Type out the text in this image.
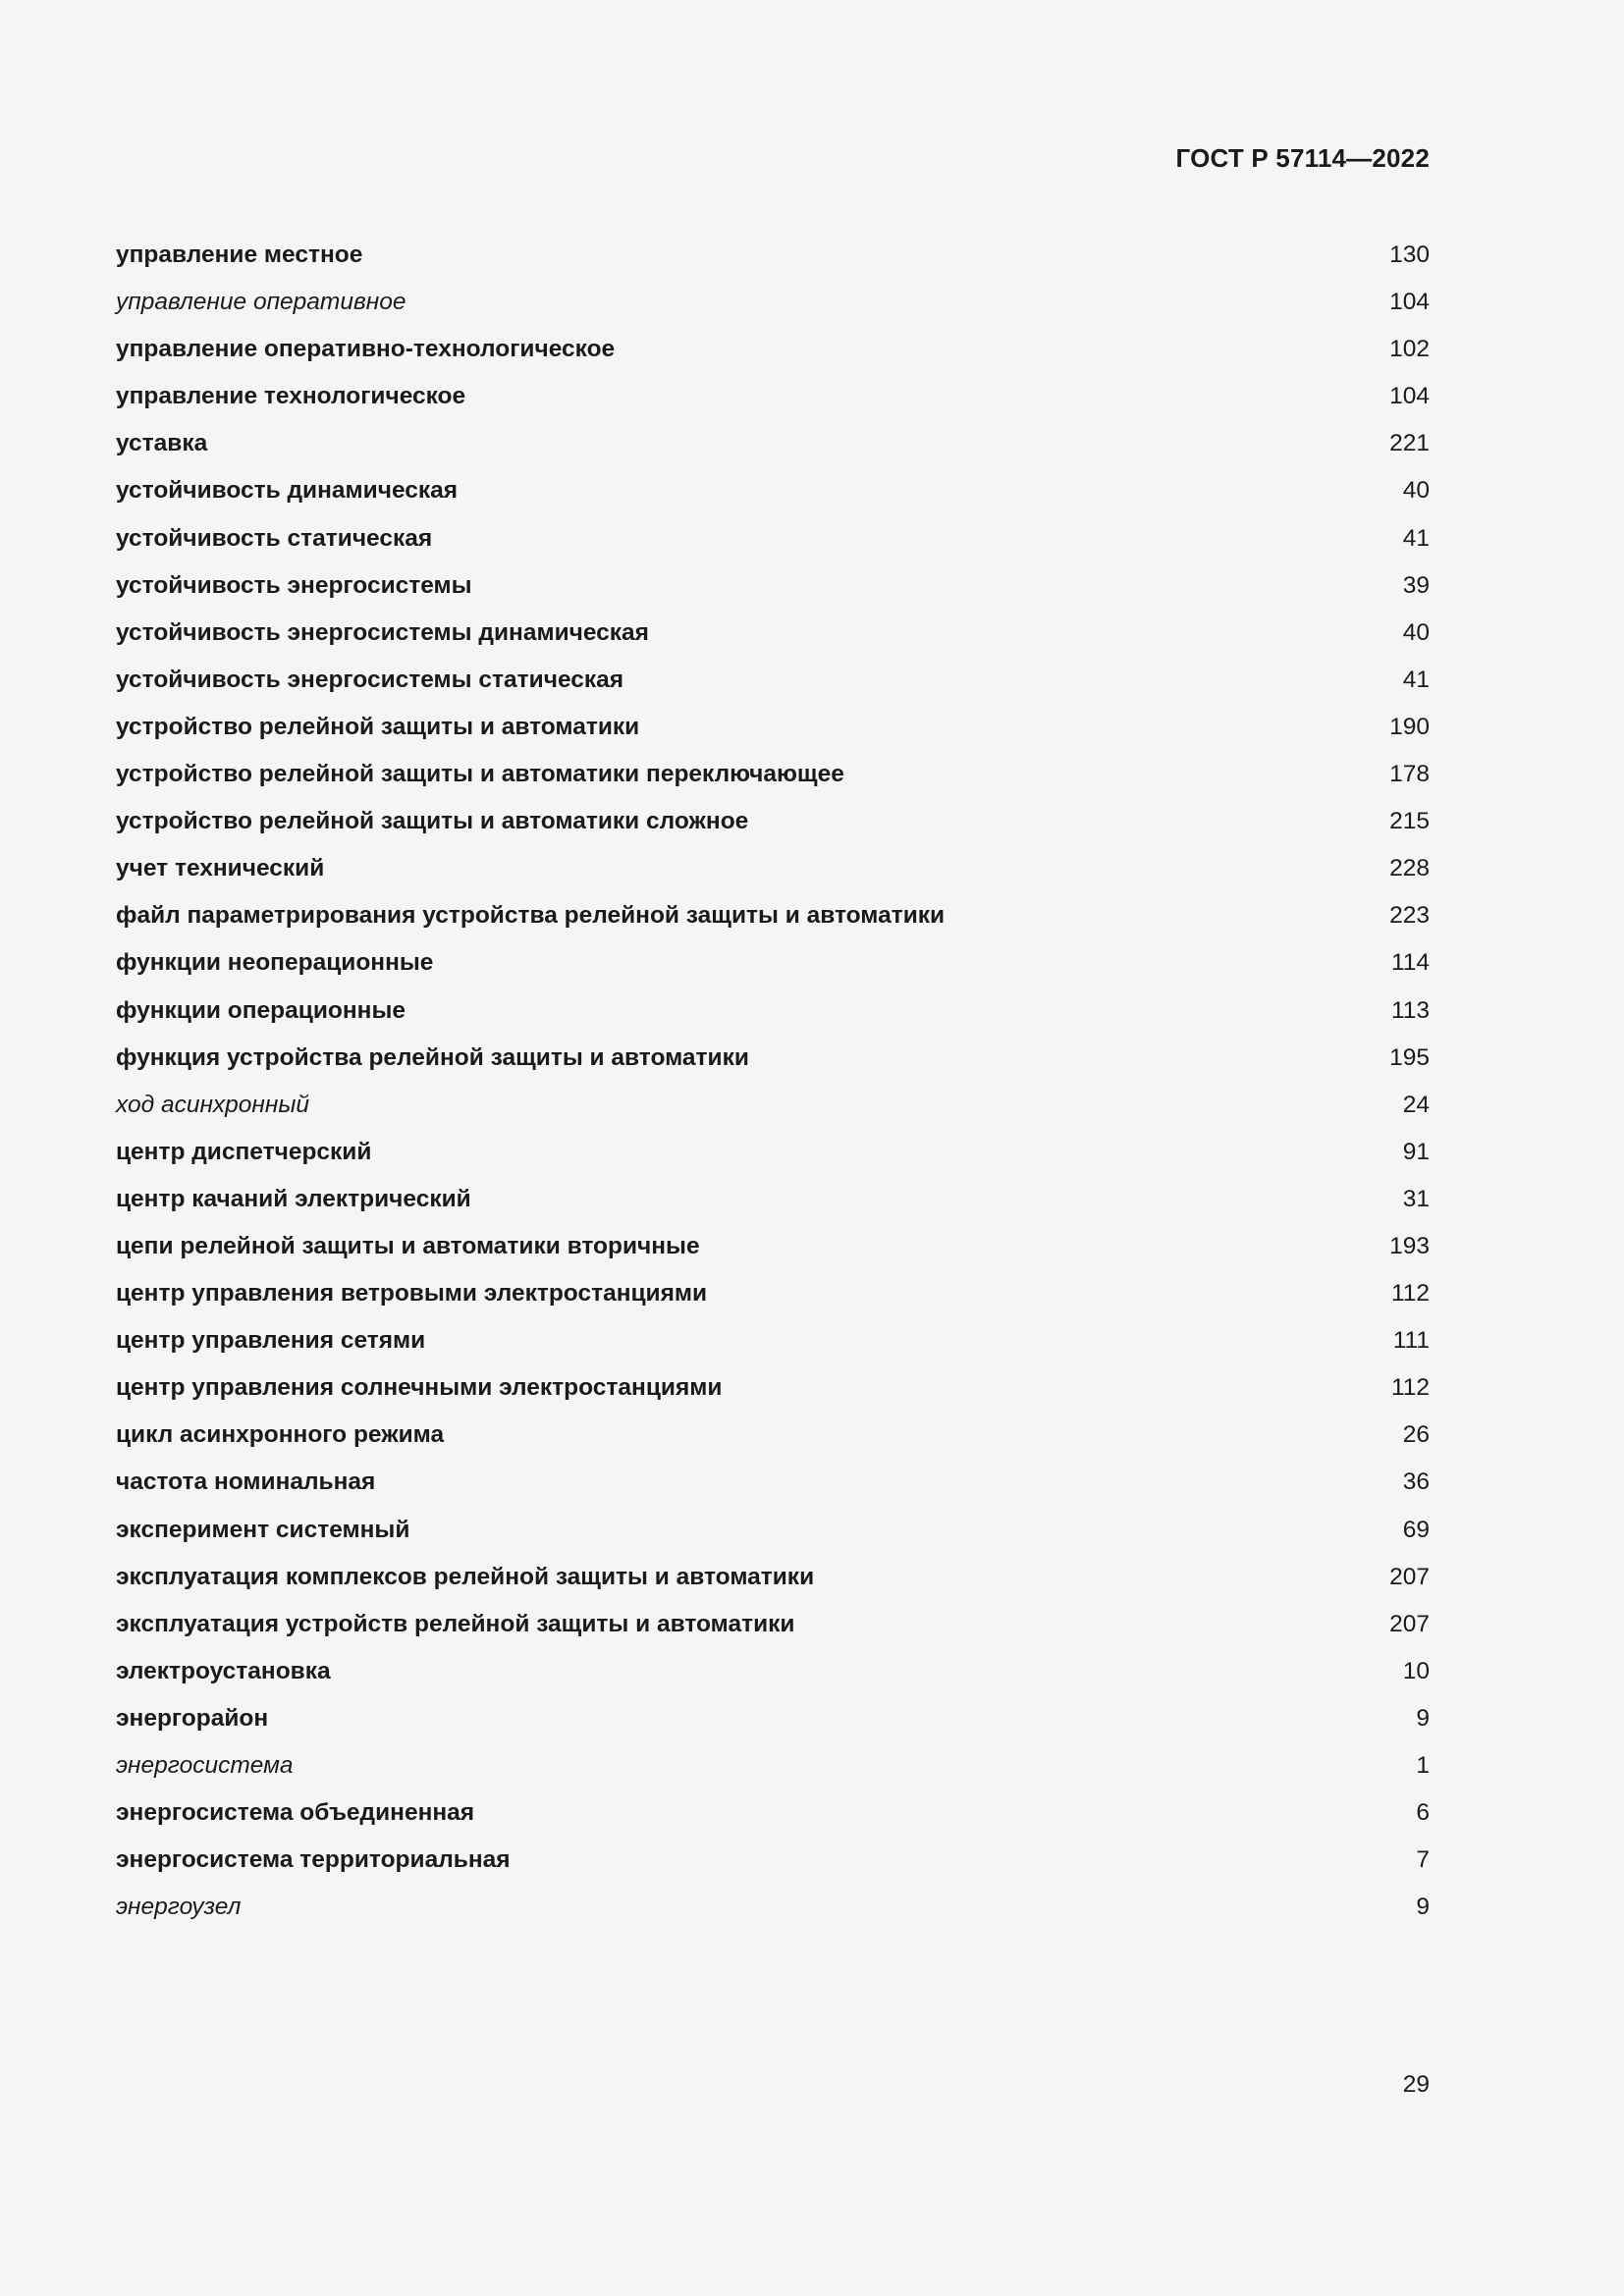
ГОСТ Р 57114—2022
управление местное	130
управление оперативное	104
управление оперативно-технологическое	102
управление технологическое	104
уставка	221
устойчивость динамическая	40
устойчивость статическая	41
устойчивость энергосистемы	39
устойчивость энергосистемы динамическая	40
устойчивость энергосистемы статическая	41
устройство релейной защиты и автоматики	190
устройство релейной защиты и автоматики переключающее	178
устройство релейной защиты и автоматики сложное	215
учет технический	228
файл параметрирования устройства релейной защиты и автоматики	223
функции неоперационные	114
функции операционные	113
функция устройства релейной защиты и автоматики	195
ход асинхронный	24
центр диспетчерский	91
центр качаний электрический	31
цепи релейной защиты и автоматики вторичные	193
центр управления ветровыми электростанциями	112
центр управления сетями	111
центр управления солнечными электростанциями	112
цикл асинхронного режима	26
частота номинальная	36
эксперимент системный	69
эксплуатация комплексов релейной защиты и автоматики	207
эксплуатация устройств релейной защиты и автоматики	207
электроустановка	10
энергорайон	9
энергосистема	1
энергосистема объединенная	6
энергосистема территориальная	7
энергоузел	9
29
